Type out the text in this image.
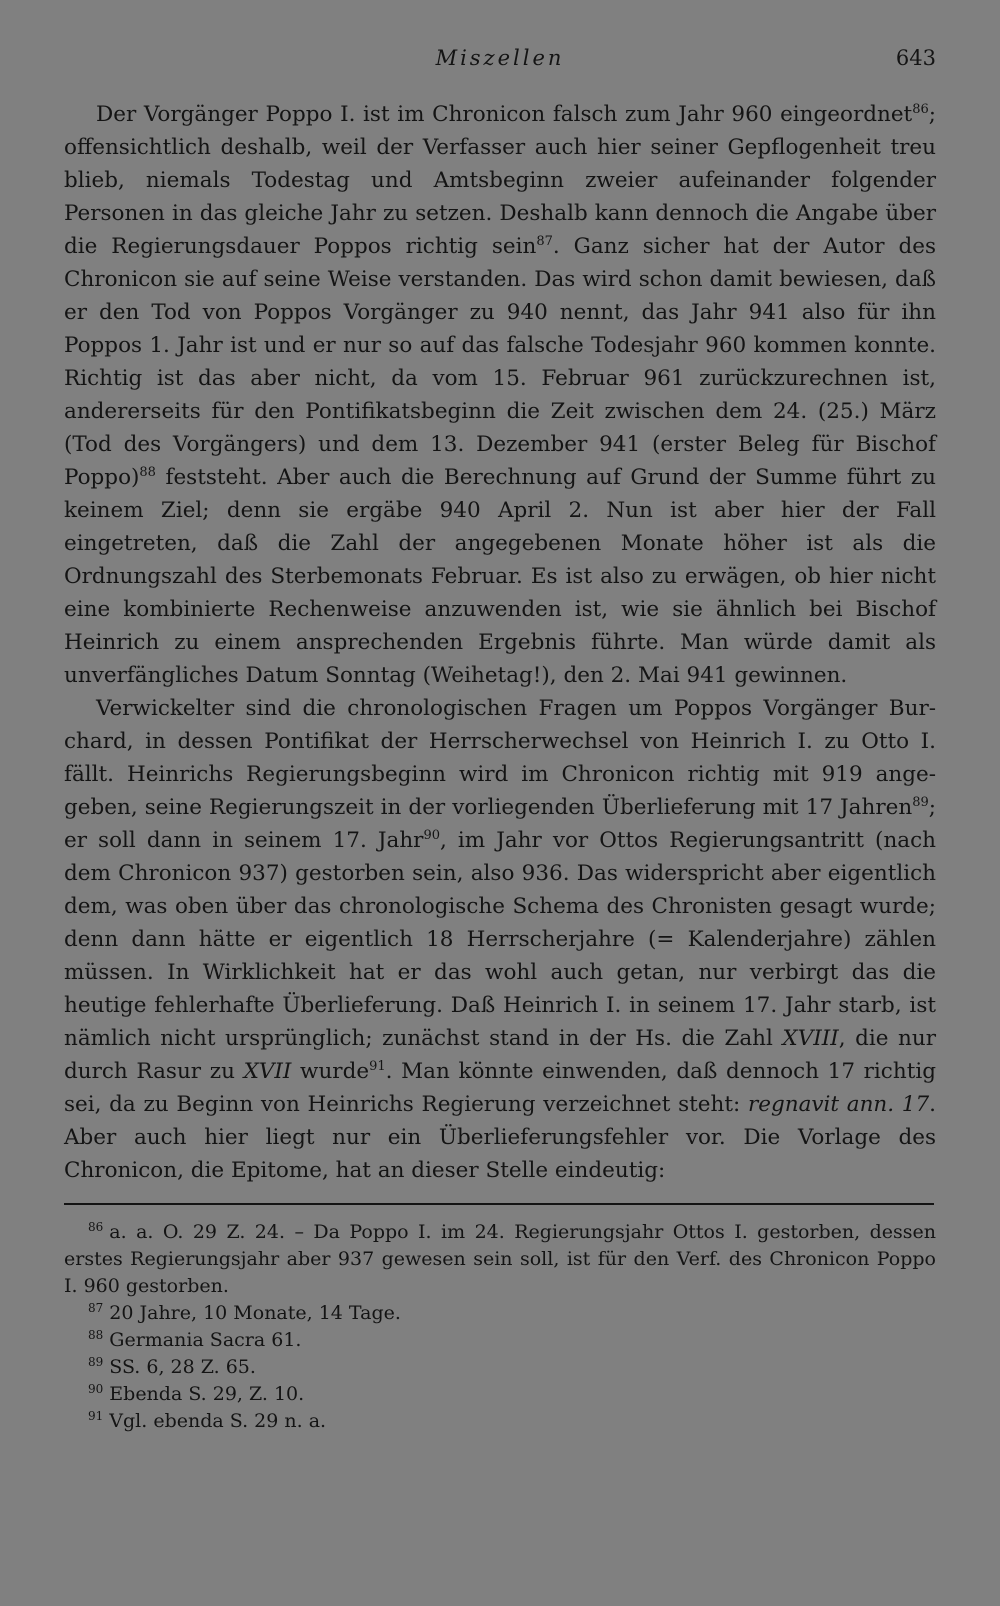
Miszellen	643

Der Vorgänger Poppo I. ist im Chronicon falsch zum Jahr 960 eingeordnet$^{86}$; offensichtlich deshalb, weil der Verfasser auch hier seiner Gepflogenheit treu blieb, niemals Todestag und Amtsbeginn zweier aufeinander folgender Personen in das gleiche Jahr zu setzen. Deshalb kann dennoch die Angabe über die Regierungsdauer Poppos richtig sein$^{87}$. Ganz sicher hat der Autor des Chronicon sie auf seine Weise verstanden. Das wird schon damit bewiesen, daß er den Tod von Poppos Vorgänger zu 940 nennt, das Jahr 941 also für ihn Poppos 1. Jahr ist und er nur so auf das falsche Todesjahr 960 kommen konnte. Richtig ist das aber nicht, da vom 15. Februar 961 zurückzurechnen ist, andererseits für den Pontifikatsbeginn die Zeit zwischen dem 24. (25.) März (Tod des Vorgängers) und dem 13. Dezember 941 (erster Beleg für Bischof Poppo)$^{88}$ feststeht. Aber auch die Berechnung auf Grund der Summe führt zu keinem Ziel; denn sie ergäbe 940 April 2. Nun ist aber hier der Fall eingetreten, daß die Zahl der angegebenen Monate höher ist als die Ordnungszahl des Sterbemonats Februar. Es ist also zu erwägen, ob hier nicht eine kombinierte Rechenweise anzuwenden ist, wie sie ähnlich bei Bischof Heinrich zu einem ansprechenden Ergebnis führte. Man würde damit als unverfängliches Datum Sonntag (Weihetag!), den 2. Mai 941 gewinnen.

Verwickelter sind die chronologischen Fragen um Poppos Vorgänger Burchard, in dessen Pontifikat der Herrscherwechsel von Heinrich I. zu Otto I. fällt. Heinrichs Regierungsbeginn wird im Chronicon richtig mit 919 angegeben, seine Regierungszeit in der vorliegenden Überlieferung mit 17 Jahren$^{89}$; er soll dann in seinem 17. Jahr$^{90}$, im Jahr vor Ottos Regierungsantritt (nach dem Chronicon 937) gestorben sein, also 936. Das widerspricht aber eigentlich dem, was oben über das chronologische Schema des Chronisten gesagt wurde; denn dann hätte er eigentlich 18 Herrscherjahre (= Kalenderjahre) zählen müssen. In Wirklichkeit hat er das wohl auch getan, nur verbirgt das die heutige fehlerhafte Überlieferung. Daß Heinrich I. in seinem 17. Jahr starb, ist nämlich nicht ursprünglich; zunächst stand in der Hs. die Zahl XVIII, die nur durch Rasur zu XVII wurde$^{91}$. Man könnte einwenden, daß dennoch 17 richtig sei, da zu Beginn von Heinrichs Regierung verzeichnet steht: regnavit ann. 17. Aber auch hier liegt nur ein Überlieferungsfehler vor. Die Vorlage des Chronicon, die Epitome, hat an dieser Stelle eindeutig:

$^{86}$ a. a. O. 29 Z. 24. – Da Poppo I. im 24. Regierungsjahr Ottos I. gestorben, dessen erstes Regierungsjahr aber 937 gewesen sein soll, ist für den Verf. des Chronicon Poppo I. 960 gestorben.
$^{87}$ 20 Jahre, 10 Monate, 14 Tage.
$^{88}$ Germania Sacra 61.
$^{89}$ SS. 6, 28 Z. 65.
$^{90}$ Ebenda S. 29, Z. 10.
$^{91}$ Vgl. ebenda S. 29 n. a.
